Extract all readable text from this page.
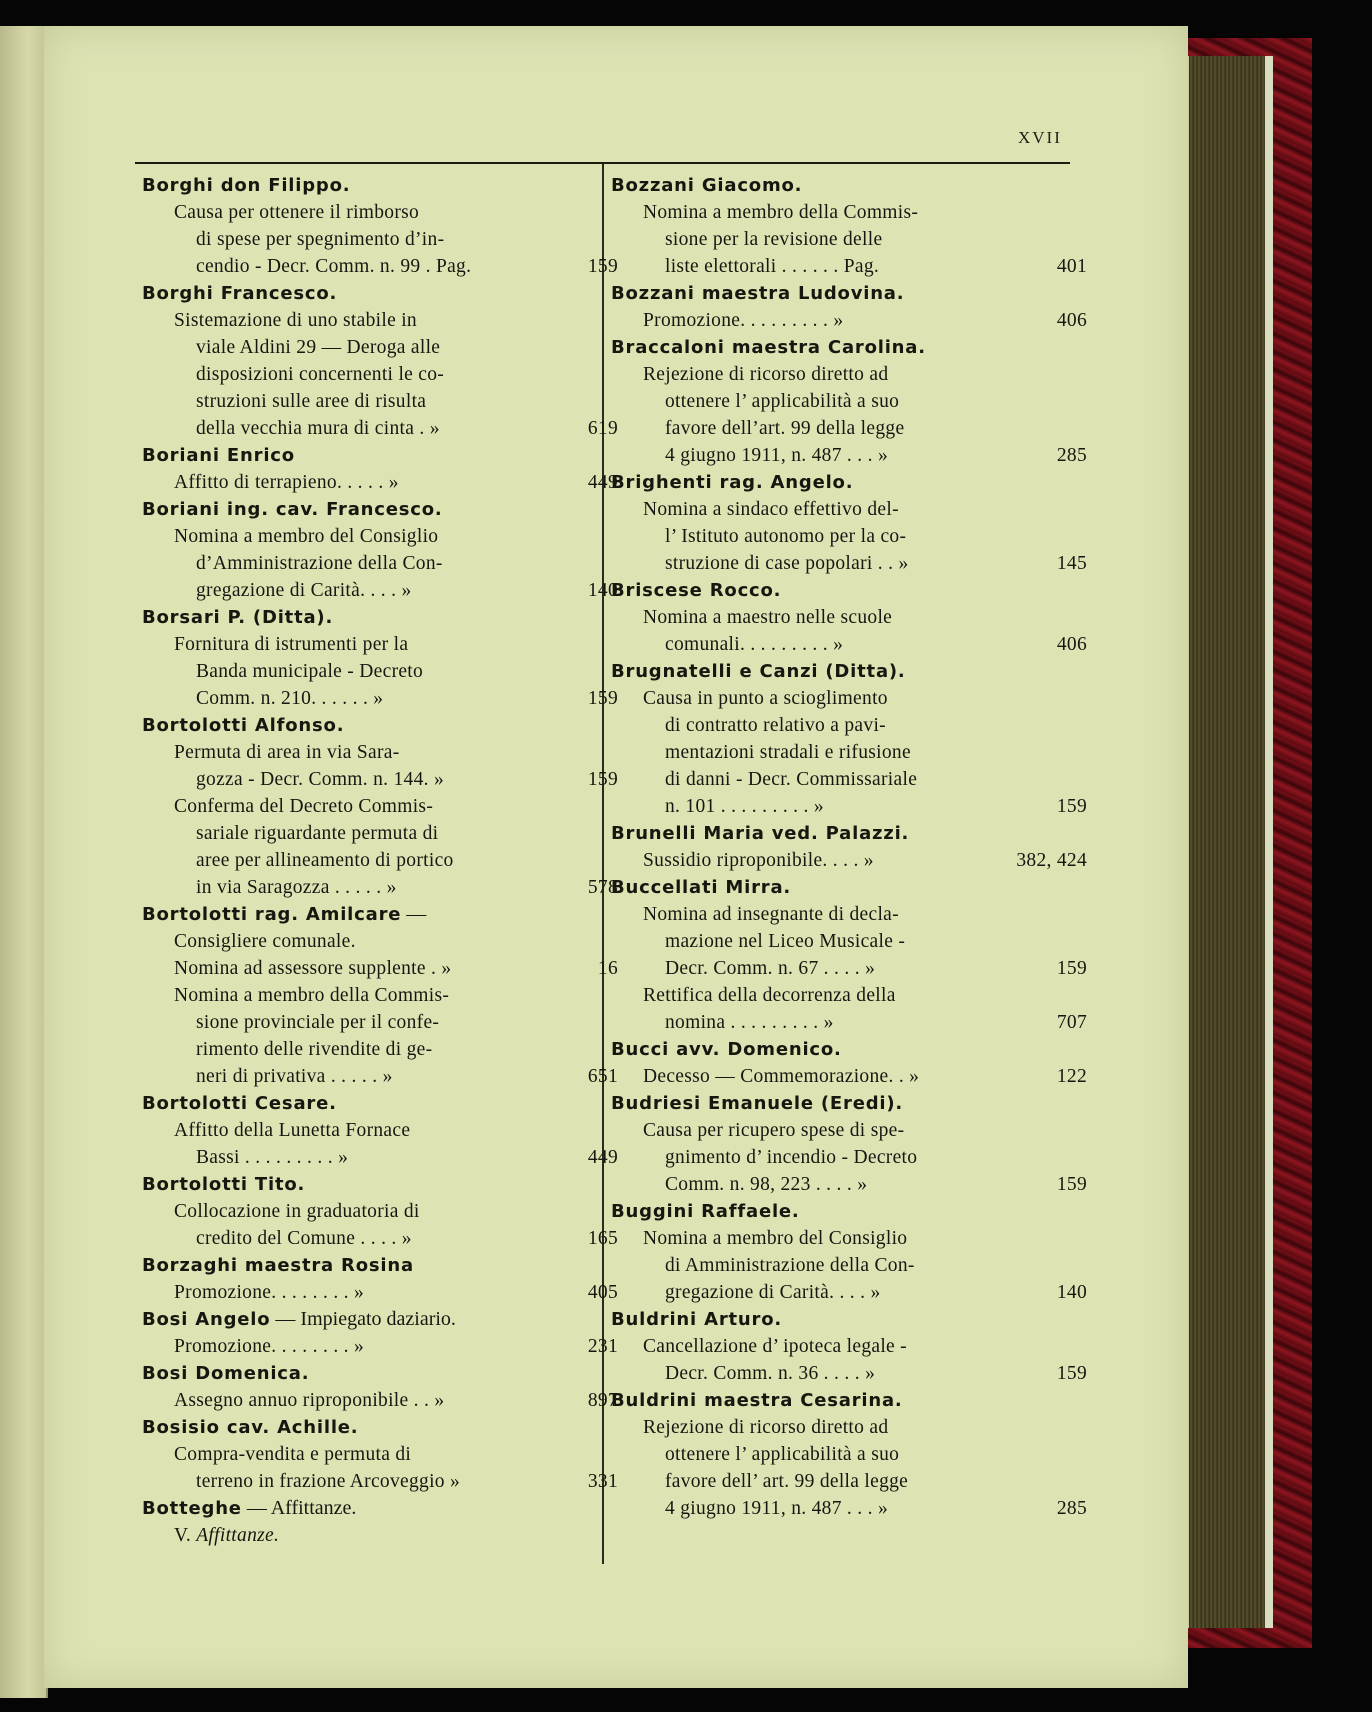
XVII
Borghi don Filippo.
Causa per ottenere il rimborso
di spese per spegnimento d’in-
cendio - Decr. Comm. n. 99 . Pag.	159
Borghi Francesco.
Sistemazione di uno stabile in
viale Aldini 29 — Deroga alle
disposizioni concernenti le co-
struzioni sulle aree di risulta
della vecchia mura di cinta . »	619
Boriani Enrico
Affitto di terrapieno. . . . . »	449
Boriani ing. cav. Francesco.
Nomina a membro del Consiglio
d’Amministrazione della Con-
gregazione di Carità. . . . »	140
Borsari P. (Ditta).
Fornitura di istrumenti per la
Banda municipale - Decreto
Comm. n. 210. . . . . . »	159
Bortolotti Alfonso.
Permuta di area in via Sara-
gozza - Decr. Comm. n. 144. »	159
Conferma del Decreto Commis-
sariale riguardante permuta di
aree per allineamento di portico
in via Saragozza . . . . . »	578
Bortolotti rag. Amilcare —
Consigliere comunale.
Nomina ad assessore supplente . »	16
Nomina a membro della Commis-
sione provinciale per il confe-
rimento delle rivendite di ge-
neri di privativa . . . . . »	651
Bortolotti Cesare.
Affitto della Lunetta Fornace
Bassi . . . . . . . . . »	449
Bortolotti Tito.
Collocazione in graduatoria di
credito del Comune . . . . »	165
Borzaghi maestra Rosina
Promozione. . . . . . . . »	405
Bosi Angelo — Impiegato daziario.
Promozione. . . . . . . . »	231
Bosi Domenica.
Assegno annuo riproponibile . . »	897
Bosisio cav. Achille.
Compra-vendita e permuta di
terreno in frazione Arcoveggio »	331
Botteghe — Affittanze.
V. Affittanze.
Bozzani Giacomo.
Nomina a membro della Commis-
sione per la revisione delle
liste elettorali . . . . . . Pag.	401
Bozzani maestra Ludovina.
Promozione. . . . . . . . . »	406
Braccaloni maestra Carolina.
Rejezione di ricorso diretto ad
ottenere l’ applicabilità a suo
favore dell’art. 99 della legge
4 giugno 1911, n. 487 . . . »	285
Brighenti rag. Angelo.
Nomina a sindaco effettivo del-
l’ Istituto autonomo per la co-
struzione di case popolari . . »	145
Briscese Rocco.
Nomina a maestro nelle scuole
comunali. . . . . . . . . »	406
Brugnatelli e Canzi (Ditta).
Causa in punto a scioglimento
di contratto relativo a pavi-
mentazioni stradali e rifusione
di danni - Decr. Commissariale
n. 101 . . . . . . . . . »	159
Brunelli Maria ved. Palazzi.
Sussidio riproponibile. . . . »	382, 424
Buccellati Mirra.
Nomina ad insegnante di decla-
mazione nel Liceo Musicale -
Decr. Comm. n. 67 . . . . »	159
Rettifica della decorrenza della
nomina . . . . . . . . . »	707
Bucci avv. Domenico.
Decesso — Commemorazione. . »	122
Budriesi Emanuele (Eredi).
Causa per ricupero spese di spe-
gnimento d’ incendio - Decreto
Comm. n. 98, 223 . . . . »	159
Buggini Raffaele.
Nomina a membro del Consiglio
di Amministrazione della Con-
gregazione di Carità. . . . »	140
Buldrini Arturo.
Cancellazione d’ ipoteca legale -
Decr. Comm. n. 36 . . . . »	159
Buldrini maestra Cesarina.
Rejezione di ricorso diretto ad
ottenere l’ applicabilità a suo
favore dell’ art. 99 della legge
4 giugno 1911, n. 487 . . . »	285
